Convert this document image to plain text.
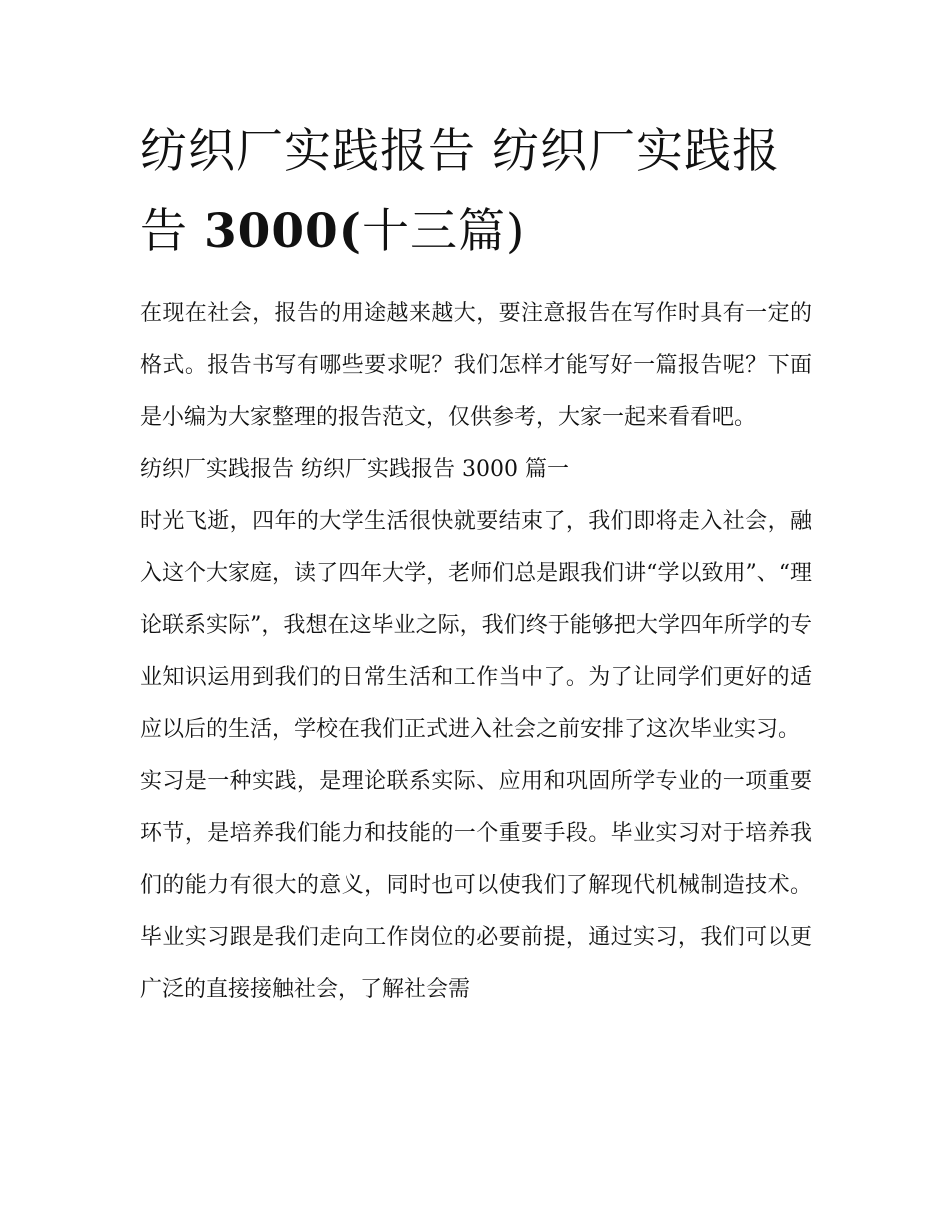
纺织厂实践报告 纺织厂实践报
告 3000(十三篇)

在现在社会，报告的用途越来越大，要注意报告在写作时具有一定的格式。报告书写有哪些要求呢？我们怎样才能写好一篇报告呢？下面是小编为大家整理的报告范文，仅供参考，大家一起来看看吧。

纺织厂实践报告 纺织厂实践报告 3000 篇一

时光飞逝，四年的大学生活很快就要结束了，我们即将走入社会，融入这个大家庭，读了四年大学，老师们总是跟我们讲“学以致用”、“理论联系实际”，我想在这毕业之际，我们终于能够把大学四年所学的专业知识运用到我们的日常生活和工作当中了。为了让同学们更好的适应以后的生活，学校在我们正式进入社会之前安排了这次毕业实习。

实习是一种实践，是理论联系实际、应用和巩固所学专业的一项重要环节，是培养我们能力和技能的一个重要手段。毕业实习对于培养我们的能力有很大的意义，同时也可以使我们了解现代机械制造技术。毕业实习跟是我们走向工作岗位的必要前提，通过实习，我们可以更广泛的直接接触社会，了解社会需
